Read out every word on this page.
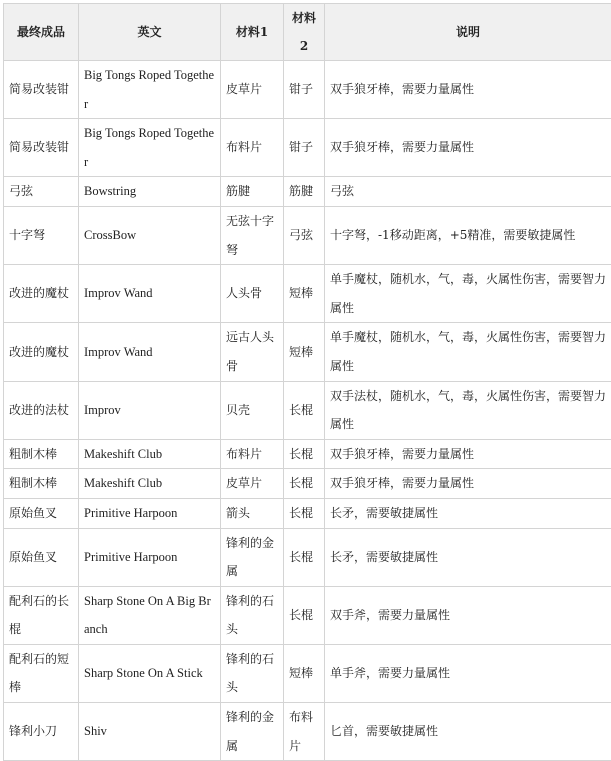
最终成品	英文	材料1	材料2	说明
简易改装钳	Big Tongs Roped Together	皮草片	钳子	双手狼牙棒，需要力量属性
简易改装钳	Big Tongs Roped Together	布料片	钳子	双手狼牙棒，需要力量属性
弓弦	Bowstring	筋腱	筋腱	弓弦
十字弩	CrossBow	无弦十字弩	弓弦	十字弩，-1移动距离，+5精准，需要敏捷属性
改进的魔杖	Improv Wand	人头骨	短棒	单手魔杖，随机水，气，毒，火属性伤害，需要智力属性
改进的魔杖	Improv Wand	远古人头骨	短棒	单手魔杖，随机水，气，毒，火属性伤害，需要智力属性
改进的法杖	Improv	贝壳	长棍	双手法杖，随机水，气，毒，火属性伤害，需要智力属性
粗制木棒	Makeshift Club	布料片	长棍	双手狼牙棒，需要力量属性
粗制木棒	Makeshift Club	皮草片	长棍	双手狼牙棒，需要力量属性
原始鱼叉	Primitive Harpoon	箭头	长棍	长矛，需要敏捷属性
原始鱼叉	Primitive Harpoon	锋利的金属	长棍	长矛，需要敏捷属性
配利石的长棍	Sharp Stone On A Big Branch	锋利的石头	长棍	双手斧，需要力量属性
配利石的短棒	Sharp Stone On A Stick	锋利的石头	短棒	单手斧，需要力量属性
锋利小刀	Shiv	锋利的金属	布料片	匕首，需要敏捷属性
